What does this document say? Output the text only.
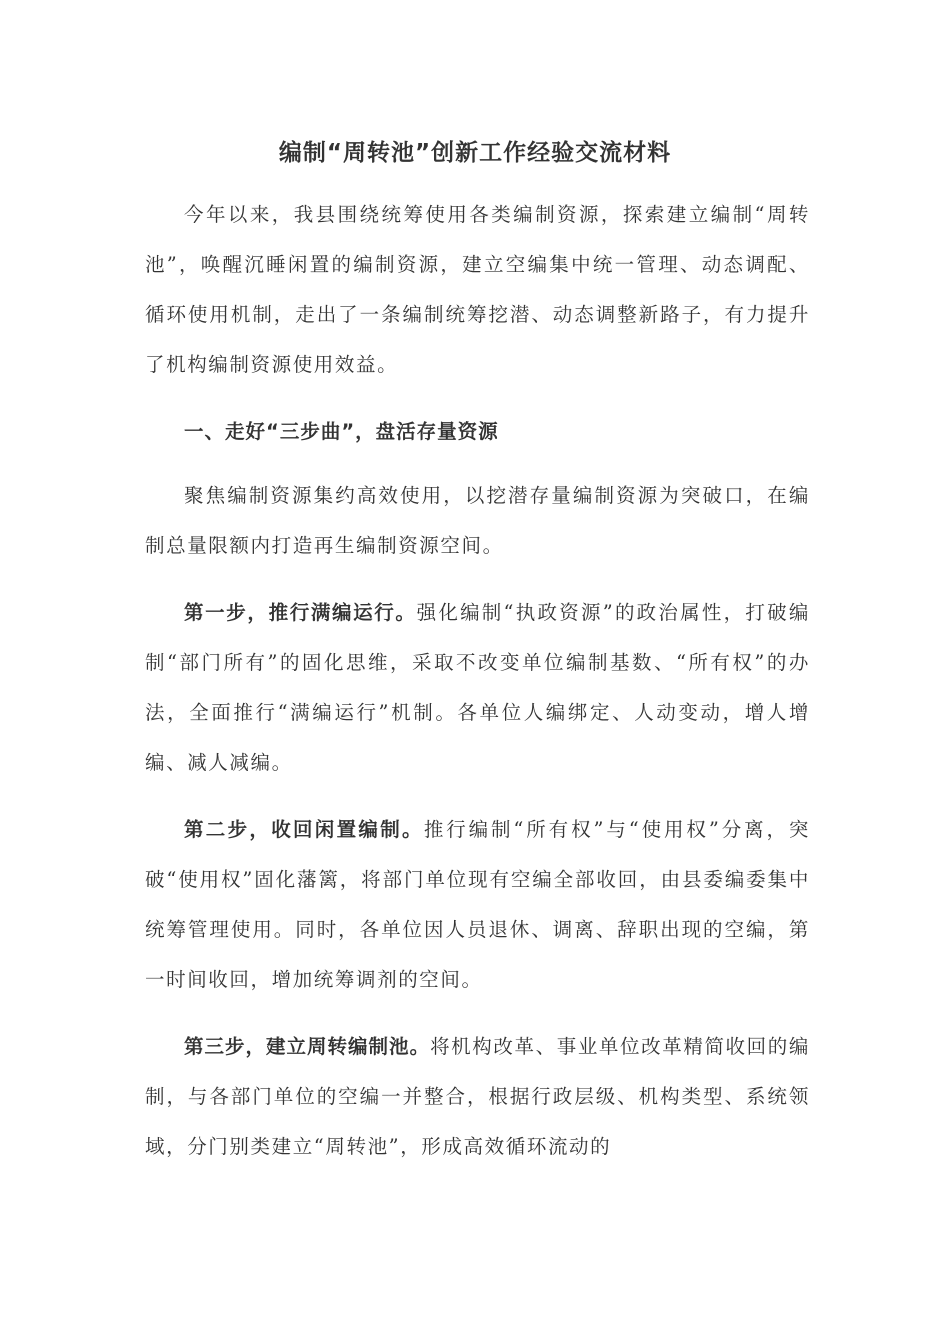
编制“周转池”创新工作经验交流材料

今年以来，我县围绕统筹使用各类编制资源，探索建立编制“周转池”，唤醒沉睡闲置的编制资源，建立空编集中统一管理、动态调配、循环使用机制，走出了一条编制统筹挖潜、动态调整新路子，有力提升了机构编制资源使用效益。

一、走好“三步曲”，盘活存量资源

聚焦编制资源集约高效使用，以挖潜存量编制资源为突破口，在编制总量限额内打造再生编制资源空间。

第一步，推行满编运行。强化编制“执政资源”的政治属性，打破编制“部门所有”的固化思维，采取不改变单位编制基数、“所有权”的办法，全面推行“满编运行”机制。各单位人编绑定、人动变动，增人增编、减人减编。

第二步，收回闲置编制。推行编制“所有权”与“使用权”分离，突破“使用权”固化藩篱，将部门单位现有空编全部收回，由县委编委集中统筹管理使用。同时，各单位因人员退休、调离、辞职出现的空编，第一时间收回，增加统筹调剂的空间。

第三步，建立周转编制池。将机构改革、事业单位改革精简收回的编制，与各部门单位的空编一并整合，根据行政层级、机构类型、系统领域，分门别类建立“周转池”，形成高效循环流动的
